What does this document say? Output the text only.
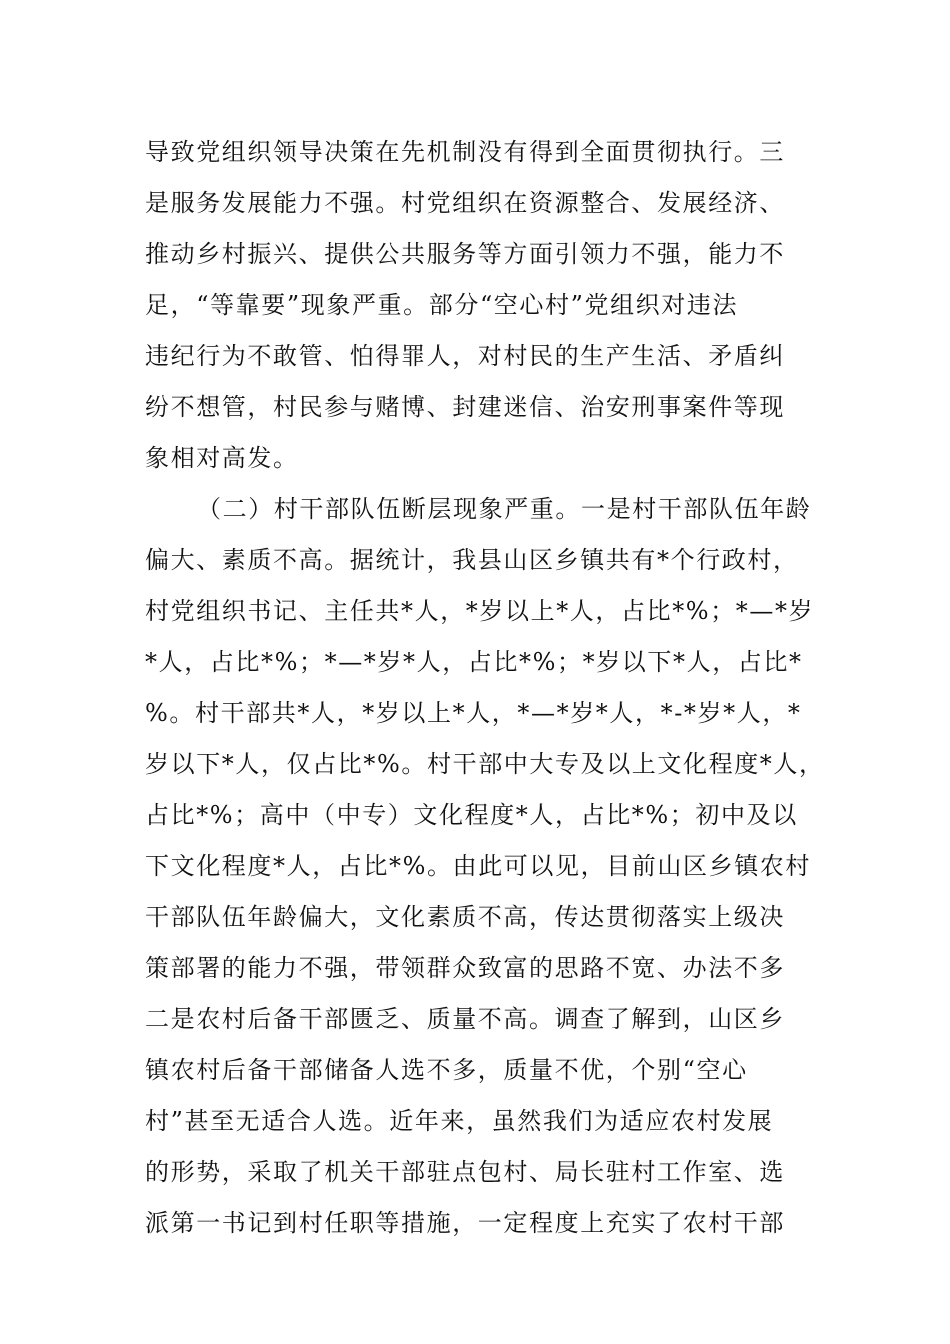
导致党组织领导决策在先机制没有得到全面贯彻执行。三
是服务发展能力不强。村党组织在资源整合、发展经济、
推动乡村振兴、提供公共服务等方面引领力不强，能力不
足，“等靠要”现象严重。部分“空心村”党组织对违法
违纪行为不敢管、怕得罪人，对村民的生产生活、矛盾纠
纷不想管，村民参与赌博、封建迷信、治安刑事案件等现
象相对高发。
（二）村干部队伍断层现象严重。一是村干部队伍年龄
偏大、素质不高。据统计，我县山区乡镇共有*个行政村，
村党组织书记、主任共*人，*岁以上*人，占比*%；*—*岁
*人，占比*%；*—*岁*人，占比*%；*岁以下*人，占比*
%。村干部共*人，*岁以上*人，*—*岁*人，*-*岁*人，*
岁以下*人，仅占比*%。村干部中大专及以上文化程度*人，
占比*%；高中（中专）文化程度*人，占比*%；初中及以
下文化程度*人，占比*%。由此可以见，目前山区乡镇农村
干部队伍年龄偏大，文化素质不高，传达贯彻落实上级决
策部署的能力不强，带领群众致富的思路不宽、办法不多
二是农村后备干部匮乏、质量不高。调查了解到，山区乡
镇农村后备干部储备人选不多，质量不优，个别“空心
村”甚至无适合人选。近年来，虽然我们为适应农村发展
的形势，采取了机关干部驻点包村、局长驻村工作室、选
派第一书记到村任职等措施，一定程度上充实了农村干部
